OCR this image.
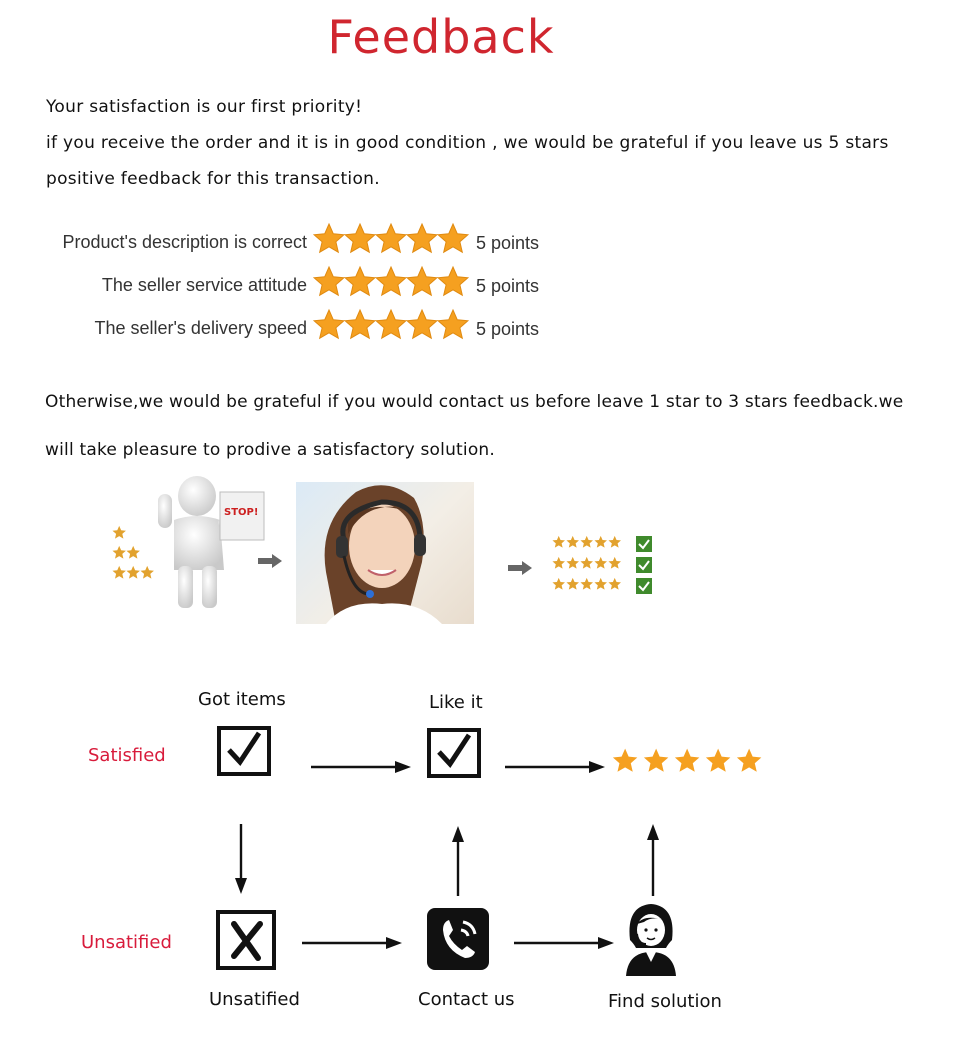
Feedback
Your satisfaction is our first priority!
if you receive the order and it is in good condition , we would be grateful if you leave us 5 stars
positive feedback for this transaction.
Product's description is correct	5 points
The seller service attitude	5 points
The seller's delivery speed	5 points
Otherwise,we would be grateful if you would contact us before leave 1 star to 3 stars feedback.we
will take pleasure to prodive a satisfactory solution.
STOP!
Satisfied
Unsatified
Got items	Like it
Unsatified	Contact us	Find solution
